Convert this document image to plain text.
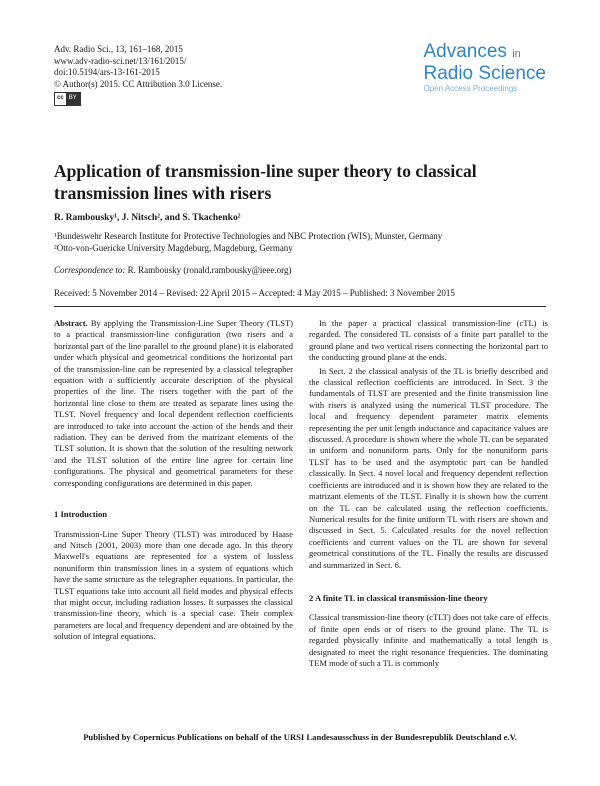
Adv. Radio Sci., 13, 161–168, 2015
www.adv-radio-sci.net/13/161/2015/
doi:10.5194/ars-13-161-2015
© Author(s) 2015. CC Attribution 3.0 License.
cc BY
Advances in
Radio Science
Open Access Proceedings
Application of transmission-line super theory to classical transmission lines with risers
R. Rambousky¹, J. Nitsch², and S. Tkachenko²
¹Bundeswehr Research Institute for Protective Technologies and NBC Protection (WIS), Munster, Germany
²Otto-von-Guericke University Magdeburg, Magdeburg, Germany
Correspondence to: R. Rambousky (ronald.rambousky@ieee.org)
Received: 5 November 2014 – Revised: 22 April 2015 – Accepted: 4 May 2015 – Published: 3 November 2015

Abstract. By applying the Transmission-Line Super Theory (TLST) to a practical transmission-line configuration (two risers and a horizontal part of the line parallel to the ground plane) it is elaborated under which physical and geometrical conditions the horizontal part of the transmission-line can be represented by a classical telegrapher equation with a sufficiently accurate description of the physical properties of the line. The risers together with the part of the horizontal line close to them are treated as separate lines using the TLST. Novel frequency and local dependent reflection coefficients are introduced to take into account the action of the bends and their radiation. They can be derived from the matrizant elements of the TLST solution. It is shown that the solution of the resulting network and the TLST solution of the entire line agree for certain line configurations. The physical and geometrical parameters for these corresponding configurations are determined in this paper.

1 Introduction

Transmission-Line Super Theory (TLST) was introduced by Haase and Nitsch (2001, 2003) more than one decade ago. In this theory Maxwell's equations are represented for a system of lossless nonuniform thin transmission lines in a system of equations which have the same structure as the telegrapher equations. In particular, the TLST equations take into account all field modes and physical effects that might occur, including radiation losses. It surpasses the classical transmission-line theory, which is a special case. Their complex parameters are local and frequency dependent and are obtained by the solution of integral equations.

In the paper a practical classical transmission-line (cTL) is regarded. The considered TL consists of a finite part parallel to the ground plane and two vertical risers connecting the horizontal part to the conducting ground plane at the ends.

In Sect. 2 the classical analysis of the TL is briefly described and the classical reflection coefficients are introduced. In Sect. 3 the fundamentals of TLST are presented and the finite transmission line with risers is analyzed using the numerical TLST procedure. The local and frequency dependent parameter matrix elements representing the per unit length inductance and capacitance values are discussed. A procedure is shown where the whole TL can be separated in uniform and nonuniform parts. Only for the nonuniform parts TLST has to be used and the asymptotic part can be handled classically. In Sect. 4 novel local and frequency dependent reflection coefficients are introduced and it is shown how they are related to the matrizant elements of the TLST. Finally it is shown how the current on the TL can be calculated using the reflection coefficients. Numerical results for the finite uniform TL with risers are shown and discussed in Sect. 5. Calculated results for the novel reflection coefficients and current values on the TL are shown for several geometrical constitutions of the TL. Finally the results are discussed and summarized in Sect. 6.

2 A finite TL in classical transmission-line theory

Classical transmission-line theory (cTLT) does not take care of effects of finite open ends or of risers to the ground plane. The TL is regarded physically infinite and mathematically a total length is designated to meet the right resonance frequencies. The dominating TEM mode of such a TL is commonly

Published by Copernicus Publications on behalf of the URSI Landesausschuss in der Bundesrepublik Deutschland e.V.
